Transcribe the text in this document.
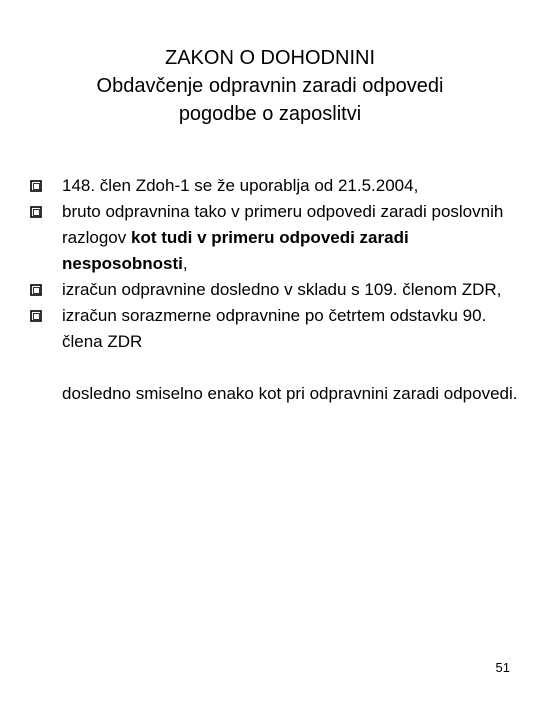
ZAKON O DOHODNINI
Obdavčenje odpravnin zaradi odpovedi
pogodbe o zaposlitvi
148. člen Zdoh-1 se že uporablja od 21.5.2004,
bruto odpravnina tako v primeru odpovedi zaradi poslovnih razlogov kot tudi v primeru odpovedi zaradi nesposobnosti,
izračun odpravnine dosledno v skladu s 109. členom ZDR,
izračun sorazmerne odpravnine po četrtem odstavku 90. člena ZDR
dosledno smiselno enako kot pri odpravnini zaradi odpovedi.
51
